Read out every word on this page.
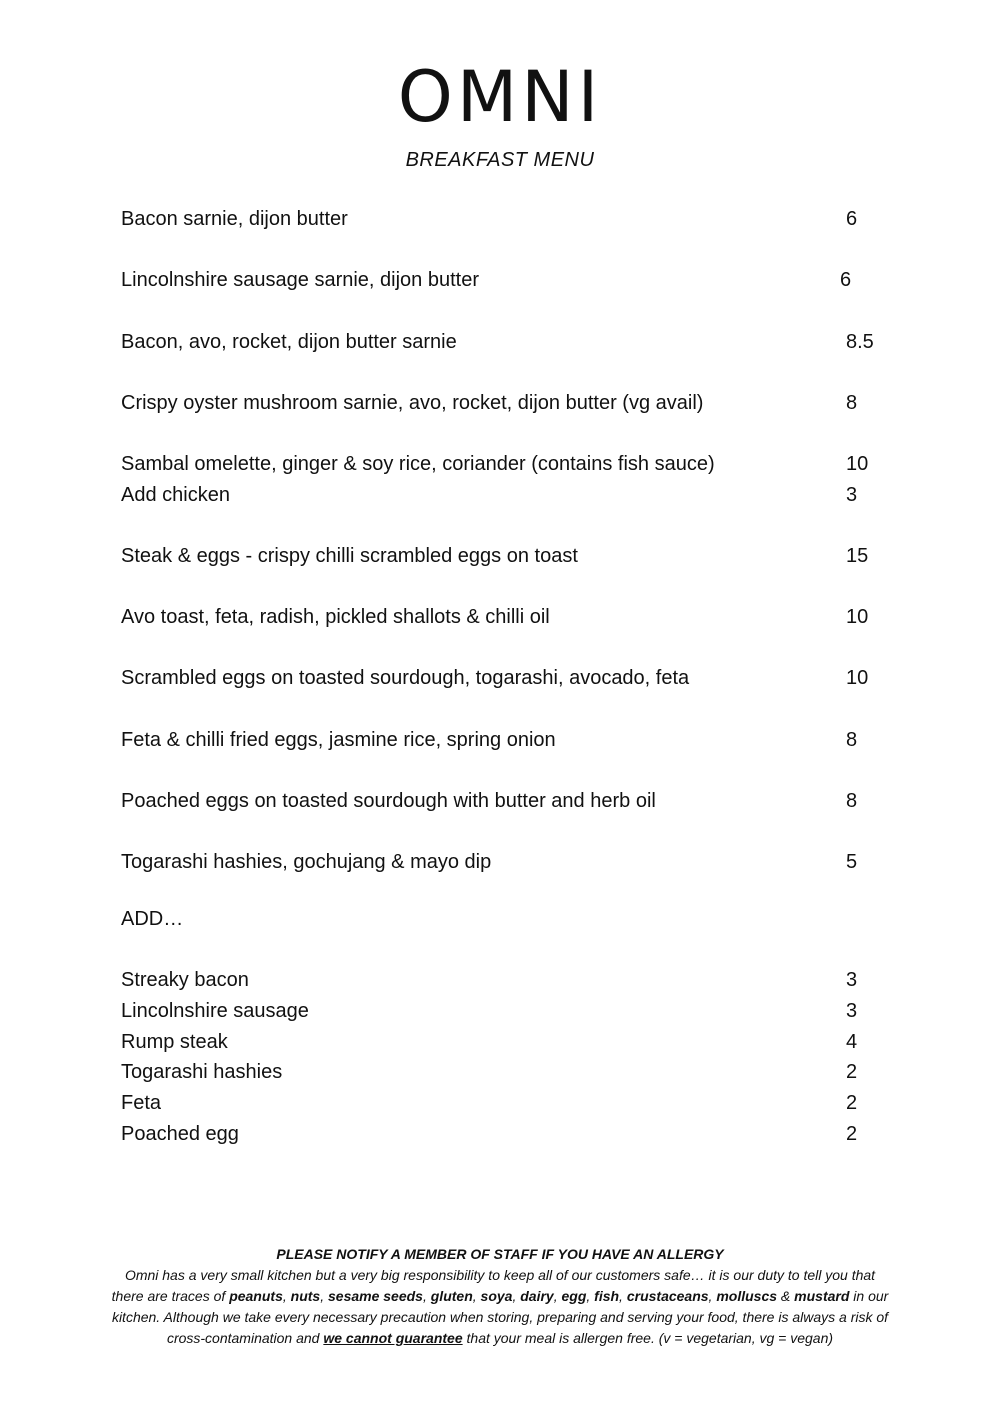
OMNI
BREAKFAST MENU
Bacon sarnie, dijon butter	6
Lincolnshire sausage sarnie, dijon butter	6
Bacon, avo, rocket, dijon butter sarnie	8.5
Crispy oyster mushroom sarnie, avo, rocket, dijon butter (vg avail)	8
Sambal omelette, ginger & soy rice, coriander (contains fish sauce)	10
Add chicken	3
Steak & eggs - crispy chilli scrambled eggs on toast	15
Avo toast, feta, radish, pickled shallots & chilli oil	10
Scrambled eggs on toasted sourdough, togarashi, avocado, feta	10
Feta & chilli fried eggs, jasmine rice, spring onion	8
Poached eggs on toasted sourdough with butter and herb oil	8
Togarashi hashies, gochujang & mayo dip	5
ADD…
Streaky bacon	3
Lincolnshire sausage	3
Rump steak	4
Togarashi hashies	2
Feta	2
Poached egg	2
PLEASE NOTIFY A MEMBER OF STAFF IF YOU HAVE AN ALLERGY
Omni has a very small kitchen but a very big responsibility to keep all of our customers safe… it is our duty to tell you that there are traces of peanuts, nuts, sesame seeds, gluten, soya, dairy, egg, fish, crustaceans, molluscs & mustard in our kitchen. Although we take every necessary precaution when storing, preparing and serving your food, there is always a risk of cross-contamination and we cannot guarantee that your meal is allergen free. (v = vegetarian, vg = vegan)
